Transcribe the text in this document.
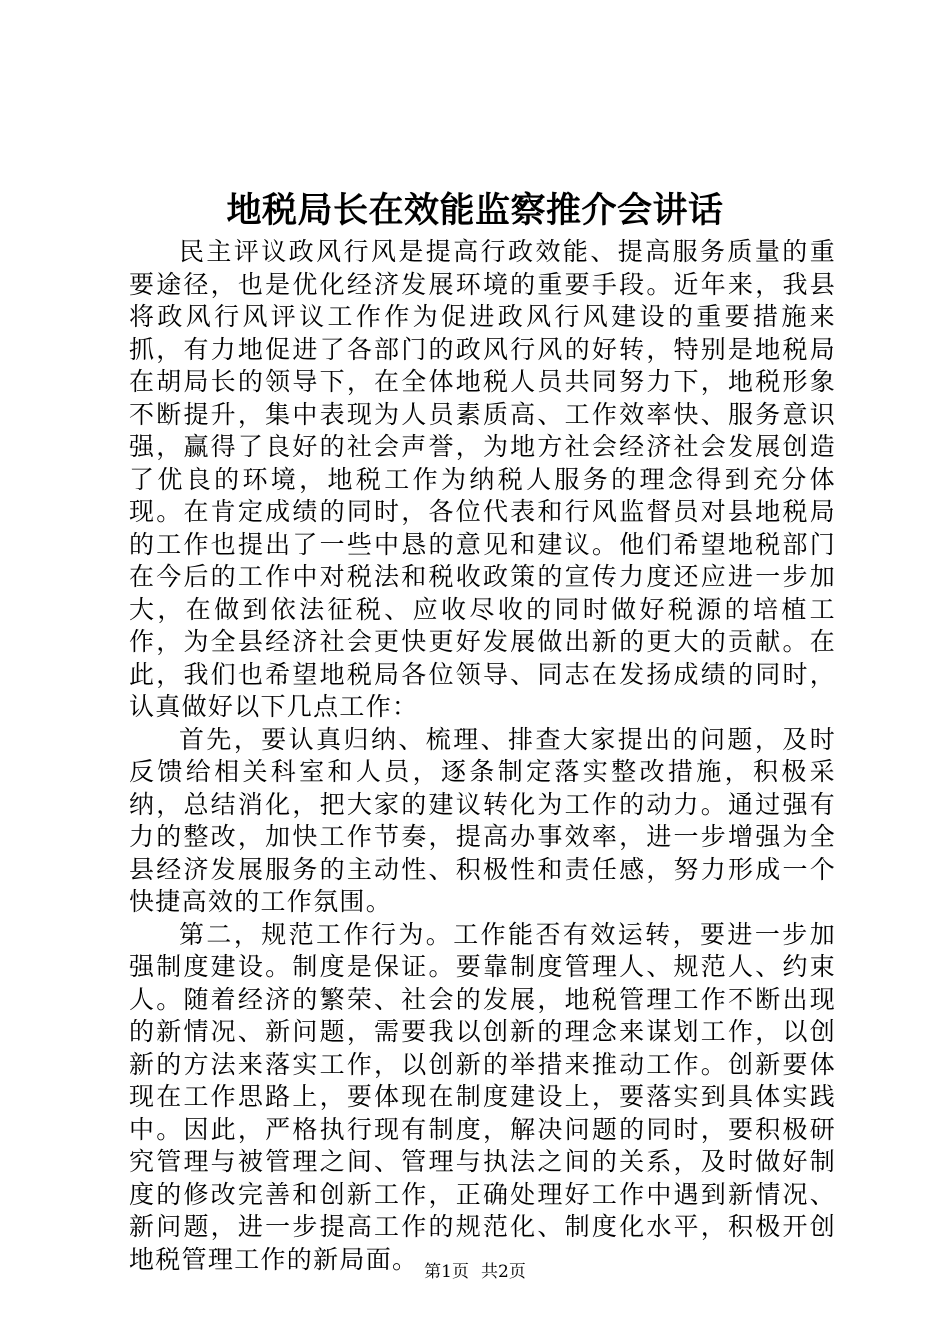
地税局长在效能监察推介会讲话

民主评议政风行风是提高行政效能、提高服务质量的重要途径，也是优化经济发展环境的重要手段。近年来，我县将政风行风评议工作作为促进政风行风建设的重要措施来抓，有力地促进了各部门的政风行风的好转，特别是地税局在胡局长的领导下，在全体地税人员共同努力下，地税形象不断提升，集中表现为人员素质高、工作效率快、服务意识强，赢得了良好的社会声誉，为地方社会经济社会发展创造了优良的环境，地税工作为纳税人服务的理念得到充分体现。在肯定成绩的同时，各位代表和行风监督员对县地税局的工作也提出了一些中恳的意见和建议。他们希望地税部门在今后的工作中对税法和税收政策的宣传力度还应进一步加大，在做到依法征税、应收尽收的同时做好税源的培植工作，为全县经济社会更快更好发展做出新的更大的贡献。在此，我们也希望地税局各位领导、同志在发扬成绩的同时，认真做好以下几点工作：

首先，要认真归纳、梳理、排查大家提出的问题，及时反馈给相关科室和人员，逐条制定落实整改措施，积极采纳，总结消化，把大家的建议转化为工作的动力。通过强有力的整改，加快工作节奏，提高办事效率，进一步增强为全县经济发展服务的主动性、积极性和责任感，努力形成一个快捷高效的工作氛围。

第二，规范工作行为。工作能否有效运转，要进一步加强制度建设。制度是保证。要靠制度管理人、规范人、约束人。随着经济的繁荣、社会的发展，地税管理工作不断出现的新情况、新问题，需要我以创新的理念来谋划工作，以创新的方法来落实工作，以创新的举措来推动工作。创新要体现在工作思路上，要体现在制度建设上，要落实到具体实践中。因此，严格执行现有制度，解决问题的同时，要积极研究管理与被管理之间、管理与执法之间的关系，及时做好制度的修改完善和创新工作，正确处理好工作中遇到新情况、新问题，进一步提高工作的规范化、制度化水平，积极开创地税管理工作的新局面。 第1页 共2页
